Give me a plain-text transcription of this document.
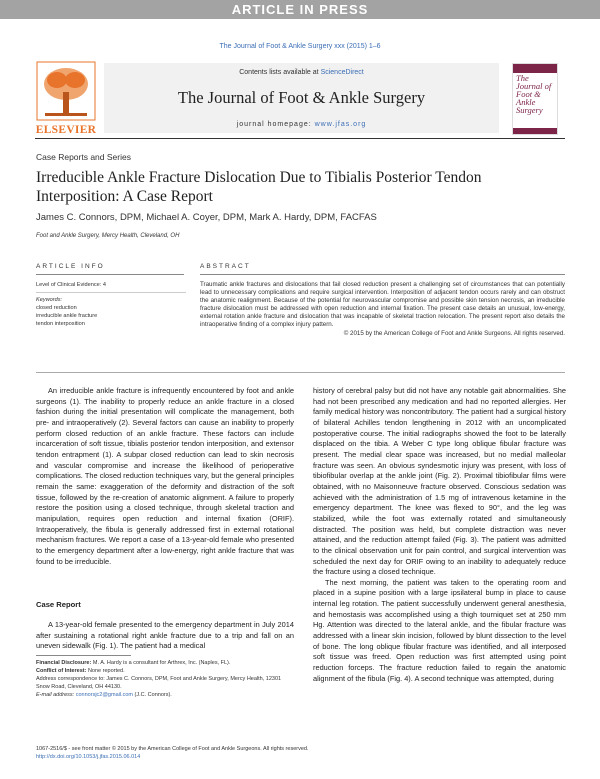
ARTICLE IN PRESS
The Journal of Foot & Ankle Surgery xxx (2015) 1–6
ELSEVIER
Contents lists available at ScienceDirect
The Journal of Foot & Ankle Surgery
journal homepage: www.jfas.org
The Journal of Foot & Ankle Surgery
Case Reports and Series
Irreducible Ankle Fracture Dislocation Due to Tibialis Posterior Tendon Interposition: A Case Report
James C. Connors, DPM, Michael A. Coyer, DPM, Mark A. Hardy, DPM, FACFAS
Foot and Ankle Surgery, Mercy Health, Cleveland, OH
ARTICLE INFO	ABSTRACT
Level of Clinical Evidence: 4
Keywords:
closed reduction
irreducible ankle fracture
tendon interposition
Traumatic ankle fractures and dislocations that fail closed reduction present a challenging set of circumstances that can potentially lead to unnecessary complications and require surgical intervention. Interposition of adjacent tendon occurs rarely and can obstruct the anatomic realignment. Because of the potential for neurovascular compromise and possible skin tension necrosis, an irreducible fracture dislocation must be addressed with open reduction and internal fixation. The present case details an unusual, low-energy, external rotation ankle fracture and dislocation that was incapable of skeletal traction relocation. The present report also details the intraoperative finding of a complex injury pattern.
© 2015 by the American College of Foot and Ankle Surgeons. All rights reserved.

An irreducible ankle fracture is infrequently encountered by foot and ankle surgeons (1). The inability to properly reduce an ankle fracture in a closed fashion during the initial presentation will complicate the management, both pre- and intraoperatively (2). Several factors can cause an inability to properly perform closed reduction of an ankle fracture. These factors can include incarceration of soft tissue, tibialis posterior tendon interposition, and extensor tendon entrapment (1). A subpar closed reduction can lead to skin necrosis and vascular compromise and increase the likelihood of perioperative complications. The closed reduction techniques vary, but the general principles remain the same: exaggeration of the deformity and distraction of the soft tissue, followed by the re-creation of anatomic alignment. A failure to properly restore the position using a closed technique, through skeletal traction and manipulation, requires open reduction and internal fixation (ORIF). Intraoperatively, the fibula is generally addressed first in external rotational mechanism fractures. We report a case of a 13-year-old female who presented to the emergency department after a low-energy, right ankle fracture that was found to be irreducible.

Case Report

A 13-year-old female presented to the emergency department in July 2014 after sustaining a rotational right ankle fracture due to a trip and fall on an uneven sidewalk (Fig. 1). The patient had a medical

Financial Disclosure: M. A. Hardy is a consultant for Arthrex, Inc. (Naples, FL).
Conflict of Interest: None reported.
Address correspondence to: James C. Connors, DPM, Foot and Ankle Surgery, Mercy Health, 12301 Snow Road, Cleveland, OH 44130.
E-mail address: connorsjc2@gmail.com (J.C. Connors).

history of cerebral palsy but did not have any notable gait abnormalities. She had not been prescribed any medication and had no reported allergies. Her family medical history was noncontributory. The patient had a surgical history of bilateral Achilles tendon lengthening in 2012 with an uncomplicated postoperative course. The initial radiographs showed the foot to be laterally displaced on the tibia. A Weber C type long oblique fibular fracture was present. The medial clear space was increased, but no medial malleolar fracture was seen. An obvious syndesmotic injury was present, with loss of tibiofibular overlap at the ankle joint (Fig. 2). Proximal tibiofibular films were obtained, with no Maisonneuve fracture observed. Conscious sedation was achieved with the administration of 1.5 mg of intravenous ketamine in the emergency department. The knee was flexed to 90°, and the leg was stabilized, while the foot was externally rotated and simultaneously distracted. The position was held, but complete distraction was never attained, and the reduction attempt failed (Fig. 3). The patient was admitted to the clinical observation unit for pain control, and surgical intervention was scheduled the next day for ORIF owing to an inability to adequately reduce the fracture using a closed technique.

The next morning, the patient was taken to the operating room and placed in a supine position with a large ipsilateral bump in place to cause internal leg rotation. The patient successfully underwent general anesthesia, and hemostasis was accomplished using a thigh tourniquet set at 250 mm Hg. Attention was directed to the lateral ankle, and the fibular fracture was addressed with a linear skin incision, followed by blunt dissection to the level of bone. The long oblique fibular fracture was identified, and all interposed soft tissue was freed. Open reduction was first attempted using point reduction forceps. The fracture reduction failed to regain the anatomic alignment of the fibula (Fig. 4). A second technique was attempted, during

1067-2516/$ - see front matter © 2015 by the American College of Foot and Ankle Surgeons. All rights reserved.
http://dx.doi.org/10.1053/j.jfas.2015.06.014
